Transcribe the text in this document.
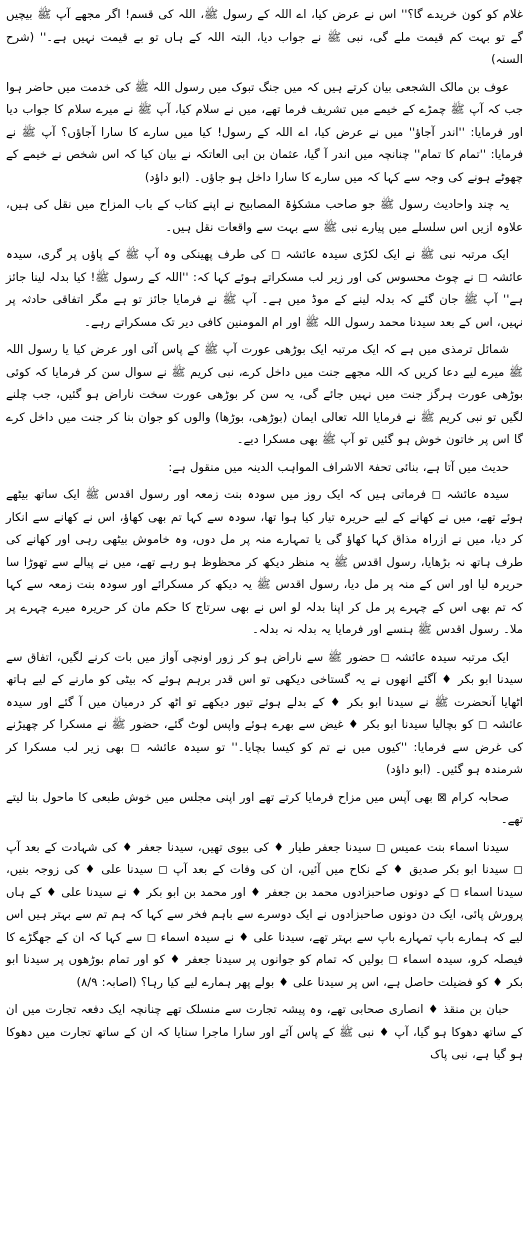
غلام کو کون خریدے گا؟'' اس نے عرض کیا، اے اللہ کے رسول ﷺ، اللہ کی قسم! اگر مجھے آپ ﷺ بیچیں گے تو بہت کم قیمت ملے گی، نبی ﷺ نے جواب دیا، البتہ اللہ کے ہاں تو بے قیمت نہیں ہے۔'' (شرح السنہ)

عوف بن مالک الشجعی بیان کرتے ہیں کہ میں جنگ تبوک میں رسول اللہ ﷺ کی خدمت میں حاضر ہوا جب کہ آپ ﷺ چمڑے کے خیمے میں تشریف فرما تھے، میں نے سلام کیا، آپ ﷺ نے میرے سلام کا جواب دیا اور فرمایا: ''اندر آجاؤ'' میں نے عرض کیا، اے اللہ کے رسول! کیا میں سارے کا سارا آجاؤں؟ آپ ﷺ نے فرمایا: ''تمام کا تمام'' چنانچہ میں اندر آ گیا، عثمان بن ابی العاتکہ نے بیان کیا کہ اس شخص نے خیمے کے چھوٹے ہونے کی وجہ سے کہا کہ میں سارے کا سارا داخل ہو جاؤں۔ (ابو داؤد)

یہ چند واحادیث رسول ﷺ جو صاحب مشکوٰۃ المصابیح نے اپنے کتاب کے باب المزاح میں نقل کی ہیں، علاوہ ازیں اس سلسلے میں پیارے نبی ﷺ سے بہت سے واقعات نقل ہیں۔

ایک مرتبہ نبی ﷺ نے ایک لکڑی سیدہ عائشہ ◻ کی طرف پھینکی وہ آپ ﷺ کے پاؤں پر گری، سیدہ عائشہ ◻ نے چوٹ محسوس کی اور زیر لب مسکراتے ہوئے کہا کہ: ''اللہ کے رسول ﷺ! کیا بدلہ لینا جائز ہے'' آپ ﷺ جان گئے کہ بدلہ لینے کے موڈ میں ہے۔ آپ ﷺ نے فرمایا جائز تو ہے مگر اتفاقی حادثہ پر نہیں، اس کے بعد سیدنا محمد رسول اللہ ﷺ اور ام المومنین کافی دیر تک مسکراتے رہے۔

شمائل ترمذی میں ہے کہ ایک مرتبہ ایک بوڑھی عورت آپ ﷺ کے پاس آئی اور عرض کیا یا رسول اللہ ﷺ میرے لیے دعا کریں کہ اللہ مجھے جنت میں داخل کرے، نبی کریم ﷺ نے سوال سن کر فرمایا کہ کوئی بوڑھی عورت ہرگز جنت میں نہیں جائے گی، یہ سن کر بوڑھی عورت سخت ناراض ہو گئیں، جب چلنے لگیں تو نبی کریم ﷺ نے فرمایا اللہ تعالی ایمان (بوڑھی، بوڑھا) والوں کو جوان بنا کر جنت میں داخل کرے گا اس پر خاتون خوش ہو گئیں تو آپ ﷺ بھی مسکرا دیے۔

حدیث میں آتا ہے، بنائی تحفۃ الاشراف المواہب الدینہ میں منقول ہے:

سیدہ عائشہ ◻ فرماتی ہیں کہ ایک روز میں سودہ بنت زمعہ اور رسول اقدس ﷺ ایک ساتھ بیٹھے ہوئے تھے، میں نے کھانے کے لیے حریرہ تیار کیا ہوا تھا، سودہ سے کہا تم بھی کھاؤ، اس نے کھانے سے انکار کر دیا، میں نے ازراہ مذاق کہا کھاؤ گی یا تمہارے منہ پر مل دوں، وہ خاموش بیٹھی رہی اور کھانے کی طرف ہاتھ نہ بڑھایا، رسول اقدس ﷺ یہ منظر دیکھ کر محظوظ ہو رہے تھے، میں نے پیالے سے تھوڑا سا حریرہ لیا اور اس کے منہ پر مل دیا، رسول اقدس ﷺ یہ دیکھ کر مسکرائے اور سودہ بنت زمعہ سے کہا کہ تم بھی اس کے چہرے پر مل کر اپنا بدلہ لو اس نے بھی سرتاج کا حکم مان کر حریرہ میرے چہرے پر ملا۔ رسول اقدس ﷺ ہنسے اور فرمایا یہ بدلہ نہ بدلہ۔

ایک مرتبہ سیدہ عائشہ ◻ حضور ﷺ سے ناراض ہو کر زور اونچی آواز میں بات کرنے لگیں، اتفاق سے سیدنا ابو بکر ♦ آگئے انھوں نے یہ گستاخی دیکھی تو اس قدر برہم ہوئے کہ بیٹی کو مارنے کے لیے ہاتھ اٹھایا آنحضرت ﷺ نے سیدنا ابو بکر ♦ کے بدلے ہوئے تیور دیکھے تو اٹھ کر درمیان میں آ گئے اور سیدہ عائشہ ◻ کو بچالیا سیدنا ابو بکر ♦ غیض سے بھرے ہوئے واپس لوٹ گئے، حضور ﷺ نے مسکرا کر چھیڑنے کی غرض سے فرمایا: ''کیوں میں نے تم کو کیسا بچایا۔'' تو سیدہ عائشہ ◻ بھی زیر لب مسکرا کر شرمندہ ہو گئیں۔ (ابو داؤد)

صحابہ کرام ⊠ بھی آپس میں مزاح فرمایا کرتے تھے اور اپنی مجلس میں خوش طبعی کا ماحول بنا لیتے تھے۔

سیدنا اسماء بنت عمیس ◻ سیدنا جعفر طیار ♦ کی بیوی تھیں، سیدنا جعفر ♦ کی شہادت کے بعد آپ ◻ سیدنا ابو بکر صدیق ♦ کے نکاح میں آئیں، ان کی وفات کے بعد آپ ◻ سیدنا علی ♦ کی زوجہ بنیں، سیدنا اسماء ◻ کے دونوں صاحبزادوں محمد بن جعفر ♦ اور محمد بن ابو بکر ♦ نے سیدنا علی ♦ کے ہاں پرورش پائی، ایک دن دونوں صاحبزادوں نے ایک دوسرے سے باہم فخر سے کہا کہ ہم تم سے بہتر ہیں اس لیے کہ ہمارے باپ تمہارے باپ سے بہتر تھے، سیدنا علی ♦ نے سیدہ اسماء ◻ سے کہا کہ ان کے جھگڑے کا فیصلہ کرو، سیدہ اسماء ◻ بولیں کہ تمام کو جوانوں پر سیدنا جعفر ♦ کو اور تمام بوڑھوں پر سیدنا ابو بکر ♦ کو فضیلت حاصل ہے، اس پر سیدنا علی ♦ بولے پھر ہمارے لیے کیا رہا؟ (اصابہ: ۸/۹)

حبان بن منقذ ♦ انصاری صحابی تھے، وہ پیشہ تجارت سے منسلک تھے چنانچہ ایک دفعہ تجارت میں ان کے ساتھ دھوکا ہو گیا، آپ ♦ نبی ﷺ کے پاس آئے اور سارا ماجرا سنایا کہ ان کے ساتھ تجارت میں دھوکا ہو گیا ہے، نبی پاک
